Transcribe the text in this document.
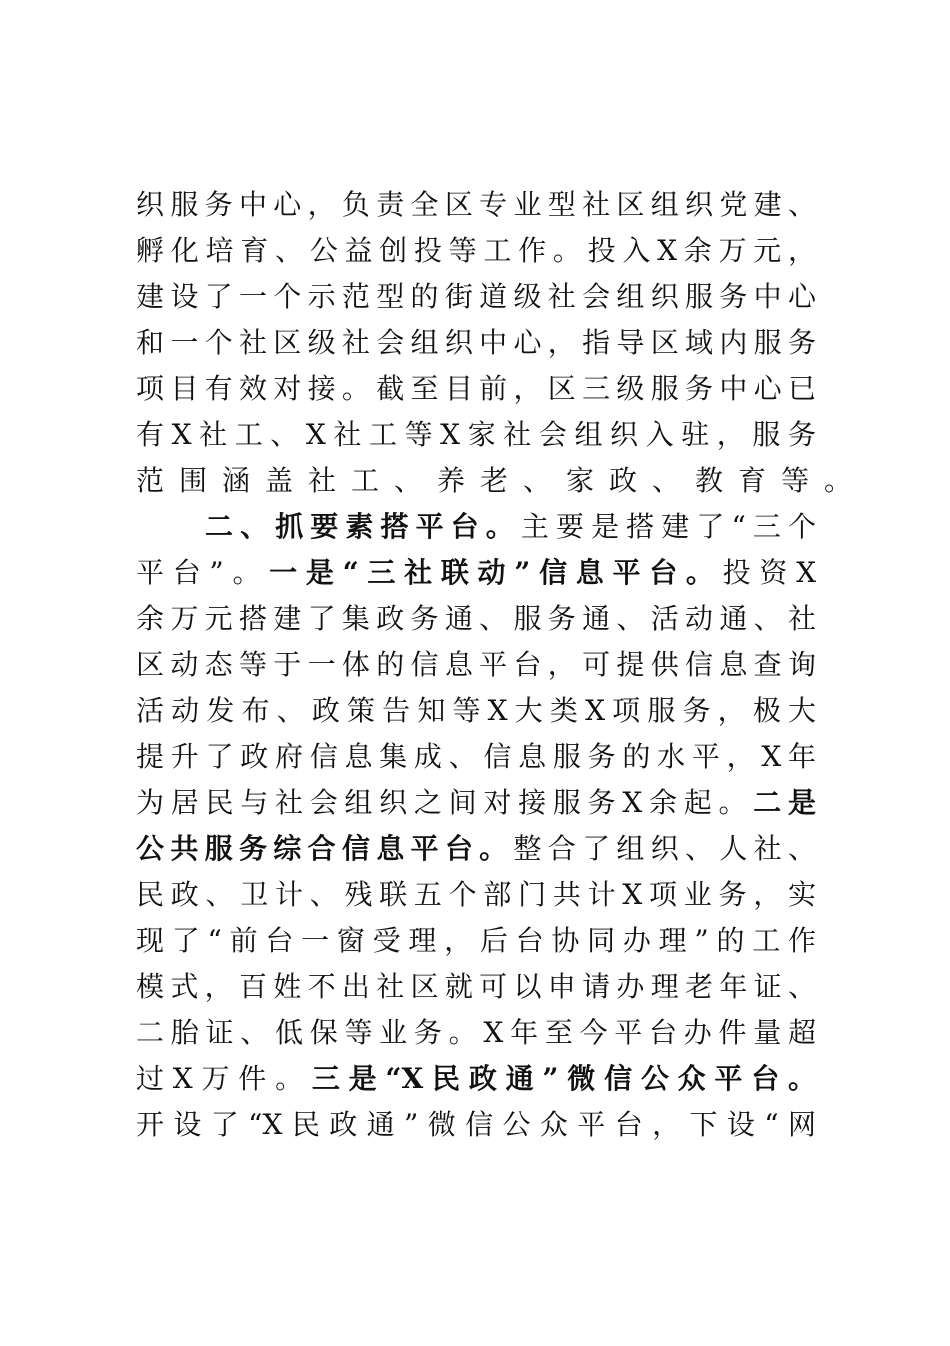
织服务中心，负责全区专业型社区组织党建、
孵化培育、公益创投等工作。投入X余万元，
建设了一个示范型的街道级社会组织服务中心
和一个社区级社会组织中心，指导区域内服务
项目有效对接。截至目前，区三级服务中心已
有X社工、X社工等X家社会组织入驻，服务
范围涵盖社工、养老、家政、教育等。
二、抓要素搭平台。主要是搭建了“三个
平台”。一是“三社联动”信息平台。投资X
余万元搭建了集政务通、服务通、活动通、社
区动态等于一体的信息平台，可提供信息查询
活动发布、政策告知等X大类X项服务，极大
提升了政府信息集成、信息服务的水平，X年
为居民与社会组织之间对接服务X余起。二是
公共服务综合信息平台。整合了组织、人社、
民政、卫计、残联五个部门共计X项业务，实
现了“前台一窗受理，后台协同办理”的工作
模式，百姓不出社区就可以申请办理老年证、
二胎证、低保等业务。X年至今平台办件量超
过X万件。三是“X民政通”微信公众平台。
开设了“X民政通”微信公众平台，下设“网
